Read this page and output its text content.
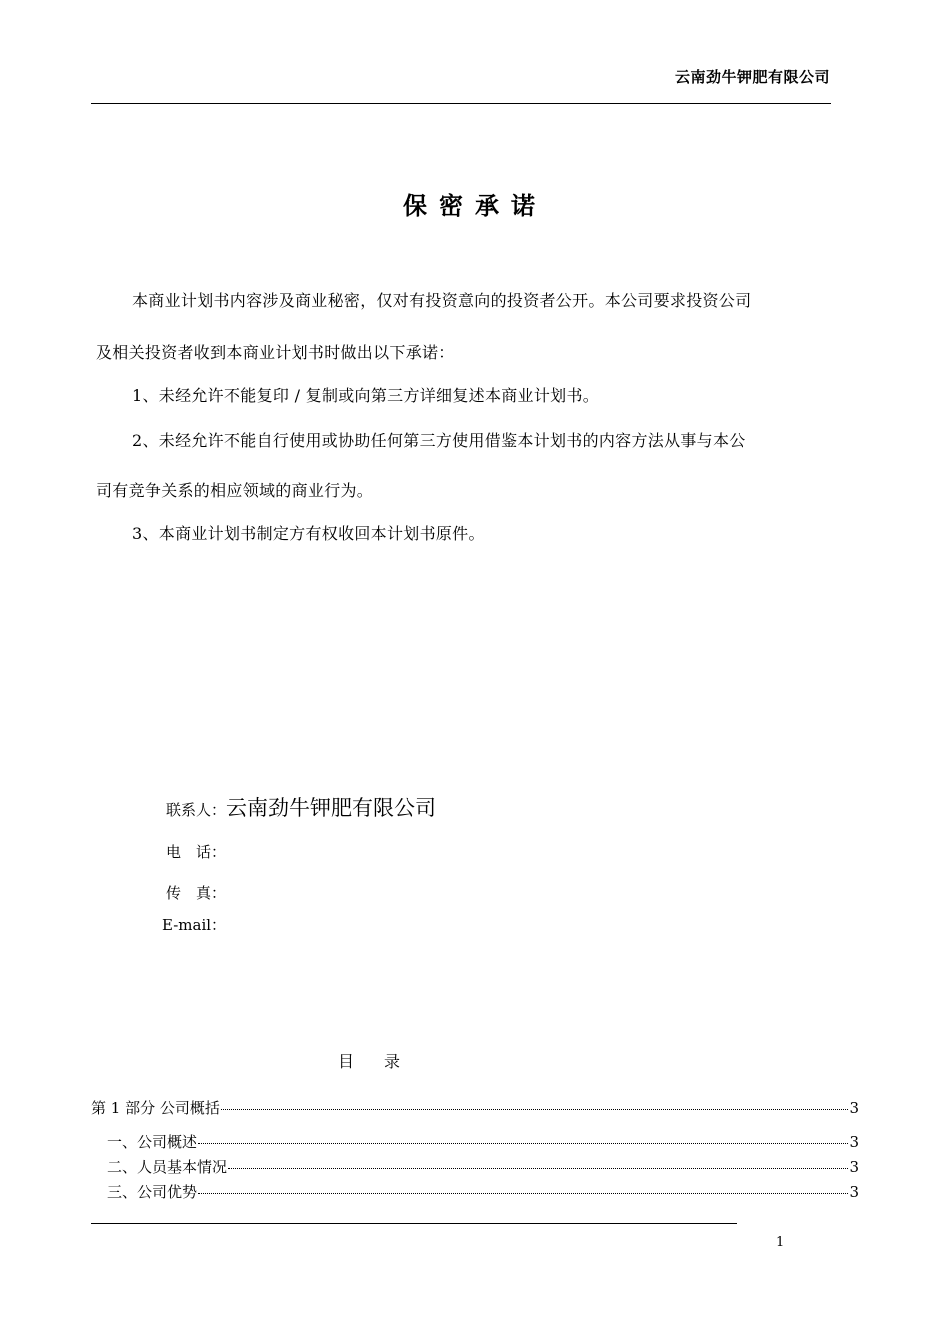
云南劲牛钾肥有限公司
保密承诺
本商业计划书内容涉及商业秘密，仅对有投资意向的投资者公开。本公司要求投资公司
及相关投资者收到本商业计划书时做出以下承诺：
1、未经允许不能复印 / 复制或向第三方详细复述本商业计划书。
2、未经允许不能自行使用或协助任何第三方使用借鉴本计划书的内容方法从事与本公
司有竞争关系的相应领域的商业行为。
3、本商业计划书制定方有权收回本计划书原件。
联系人：云南劲牛钾肥有限公司
电　话：
传　真：
E-mail：
目 录
第 1 部分 公司概括	3
一、公司概述	3
二、人员基本情况	3
三、公司优势	3
1
